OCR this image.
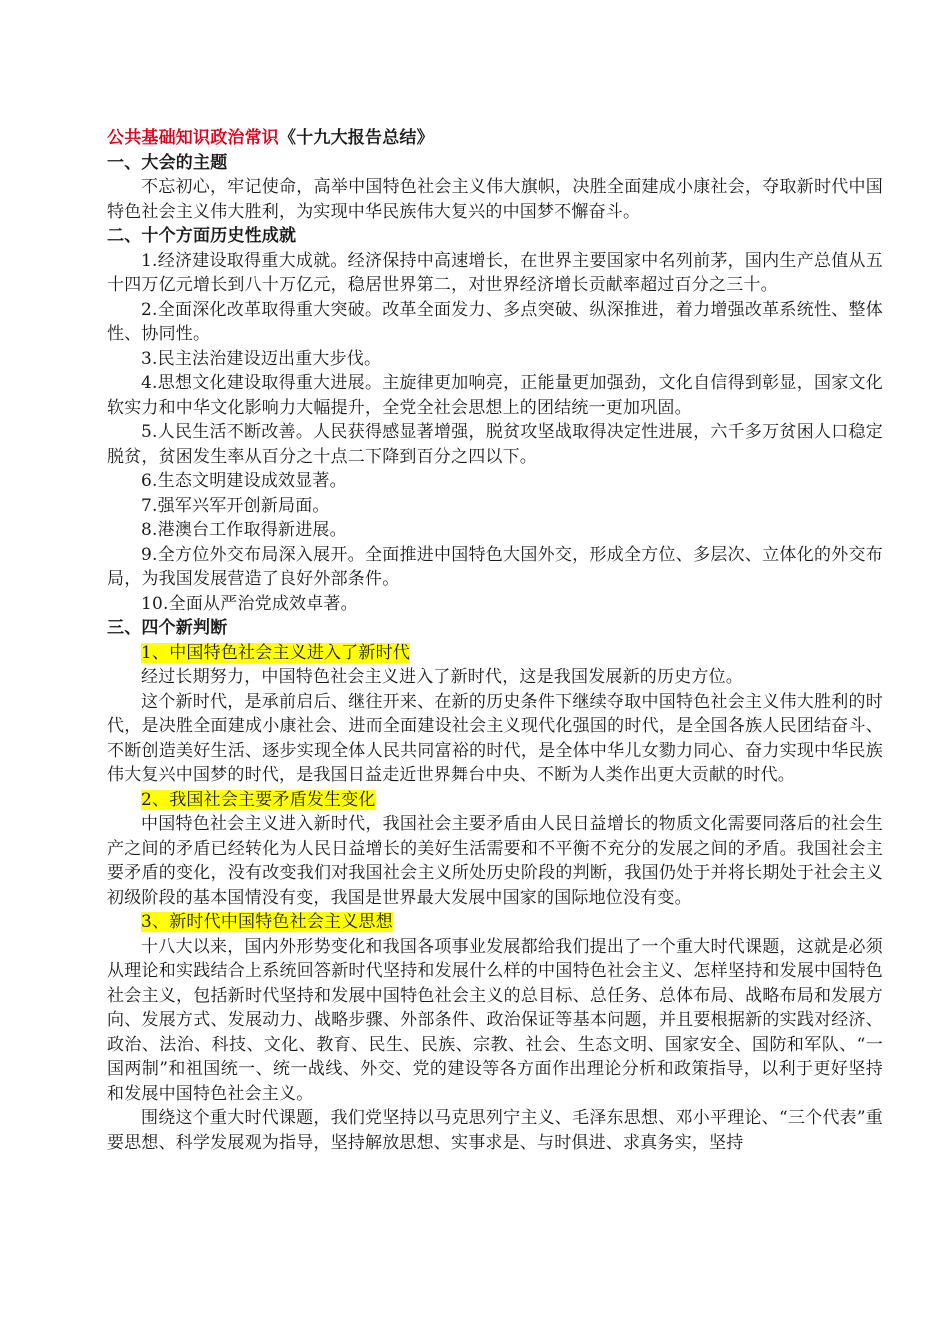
公共基础知识政治常识《十九大报告总结》
一、大会的主题
不忘初心，牢记使命，高举中国特色社会主义伟大旗帜，决胜全面建成小康社会，夺取新时代中国特色社会主义伟大胜利，为实现中华民族伟大复兴的中国梦不懈奋斗。
二、十个方面历史性成就
1.经济建设取得重大成就。经济保持中高速增长，在世界主要国家中名列前茅，国内生产总值从五十四万亿元增长到八十万亿元，稳居世界第二，对世界经济增长贡献率超过百分之三十。
2.全面深化改革取得重大突破。改革全面发力、多点突破、纵深推进，着力增强改革系统性、整体性、协同性。
3.民主法治建设迈出重大步伐。
4.思想文化建设取得重大进展。主旋律更加响亮，正能量更加强劲，文化自信得到彰显，国家文化软实力和中华文化影响力大幅提升，全党全社会思想上的团结统一更加巩固。
5.人民生活不断改善。人民获得感显著增强，脱贫攻坚战取得决定性进展，六千多万贫困人口稳定脱贫，贫困发生率从百分之十点二下降到百分之四以下。
6.生态文明建设成效显著。
7.强军兴军开创新局面。
8.港澳台工作取得新进展。
9.全方位外交布局深入展开。全面推进中国特色大国外交，形成全方位、多层次、立体化的外交布局，为我国发展营造了良好外部条件。
10.全面从严治党成效卓著。
三、四个新判断
1、中国特色社会主义进入了新时代
经过长期努力，中国特色社会主义进入了新时代，这是我国发展新的历史方位。
这个新时代，是承前启后、继往开来、在新的历史条件下继续夺取中国特色社会主义伟大胜利的时代，是决胜全面建成小康社会、进而全面建设社会主义现代化强国的时代，是全国各族人民团结奋斗、不断创造美好生活、逐步实现全体人民共同富裕的时代，是全体中华儿女勠力同心、奋力实现中华民族伟大复兴中国梦的时代，是我国日益走近世界舞台中央、不断为人类作出更大贡献的时代。
2、我国社会主要矛盾发生变化
中国特色社会主义进入新时代，我国社会主要矛盾由人民日益增长的物质文化需要同落后的社会生产之间的矛盾已经转化为人民日益增长的美好生活需要和不平衡不充分的发展之间的矛盾。我国社会主要矛盾的变化，没有改变我们对我国社会主义所处历史阶段的判断，我国仍处于并将长期处于社会主义初级阶段的基本国情没有变，我国是世界最大发展中国家的国际地位没有变。
3、新时代中国特色社会主义思想
十八大以来，国内外形势变化和我国各项事业发展都给我们提出了一个重大时代课题，这就是必须从理论和实践结合上系统回答新时代坚持和发展什么样的中国特色社会主义、怎样坚持和发展中国特色社会主义，包括新时代坚持和发展中国特色社会主义的总目标、总任务、总体布局、战略布局和发展方向、发展方式、发展动力、战略步骤、外部条件、政治保证等基本问题，并且要根据新的实践对经济、政治、法治、科技、文化、教育、民生、民族、宗教、社会、生态文明、国家安全、国防和军队、“一国两制”和祖国统一、统一战线、外交、党的建设等各方面作出理论分析和政策指导，以利于更好坚持和发展中国特色社会主义。
围绕这个重大时代课题，我们党坚持以马克思列宁主义、毛泽东思想、邓小平理论、“三个代表”重要思想、科学发展观为指导，坚持解放思想、实事求是、与时俱进、求真务实，坚持
